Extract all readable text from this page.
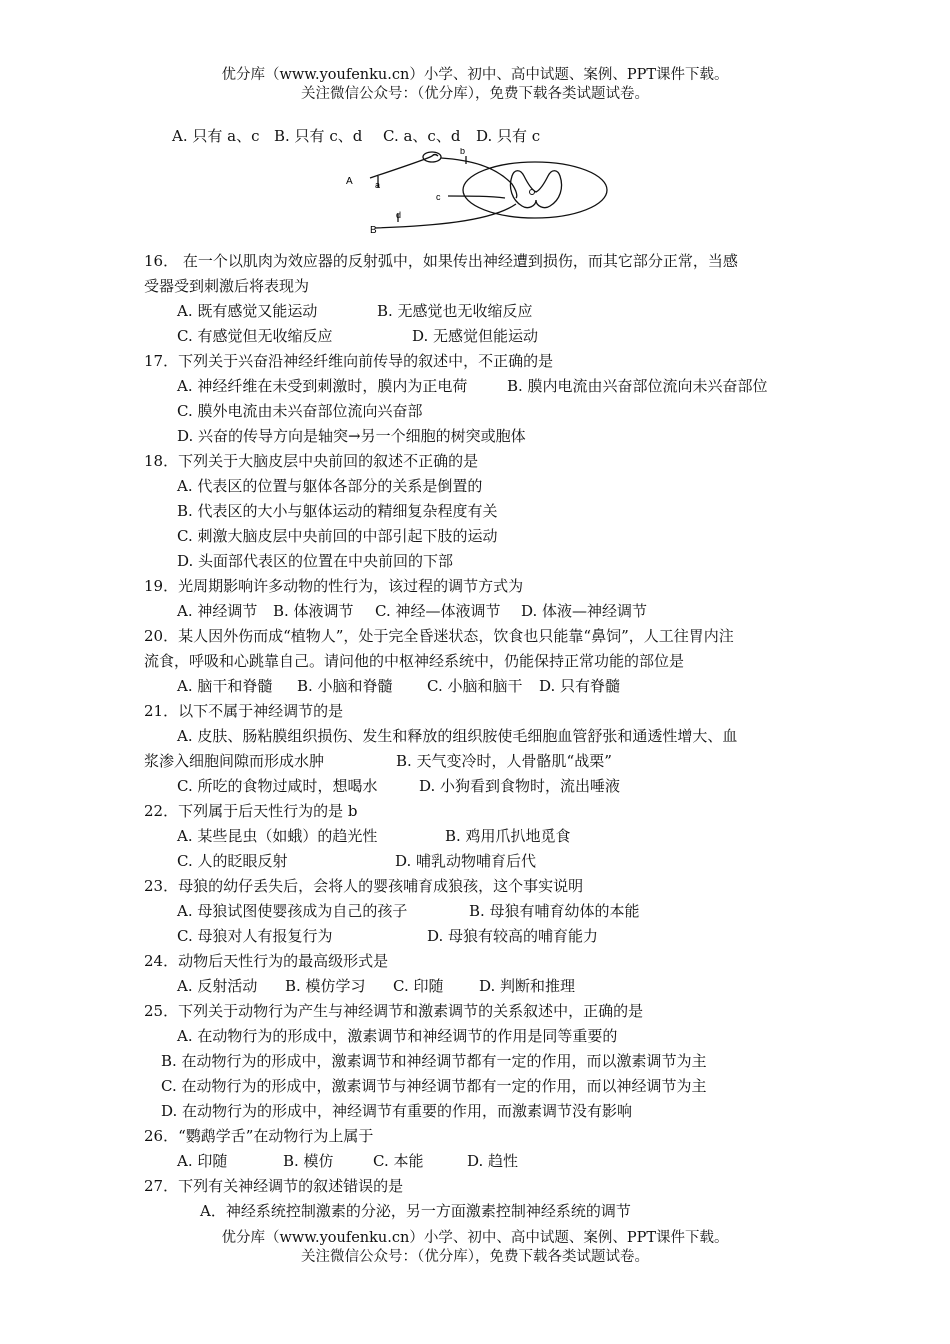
优分库（www.youfenku.cn）小学、初中、高中试题、案例、PPT课件下载。
关注微信公众号：（优分库），免费下载各类试题试卷。
A. 只有 a、c B. 只有 c、d C. a、c、d D. 只有 c
A
B
a
b
c
d
16． 在一个以肌肉为效应器的反射弧中，如果传出神经遭到损伤，而其它部分正常，当感
受器受到刺激后将表现为
A. 既有感觉又能运动	B. 无感觉也无收缩反应
C. 有感觉但无收缩反应	D. 无感觉但能运动
17．下列关于兴奋沿神经纤维向前传导的叙述中，不正确的是
A. 神经纤维在未受到刺激时，膜内为正电荷	B. 膜内电流由兴奋部位流向未兴奋部位
C. 膜外电流由未兴奋部位流向兴奋部
D. 兴奋的传导方向是轴突→另一个细胞的树突或胞体
18．下列关于大脑皮层中央前回的叙述不正确的是
A. 代表区的位置与躯体各部分的关系是倒置的
B. 代表区的大小与躯体运动的精细复杂程度有关
C. 刺激大脑皮层中央前回的中部引起下肢的运动
D. 头面部代表区的位置在中央前回的下部
19．光周期影响许多动物的性行为，该过程的调节方式为
A. 神经调节 B. 体液调节 C. 神经—体液调节 D. 体液—神经调节
20．某人因外伤而成“植物人”，处于完全昏迷状态，饮食也只能靠“鼻饲”，人工往胃内注
流食，呼吸和心跳靠自己。请问他的中枢神经系统中，仍能保持正常功能的部位是
A. 脑干和脊髓 B. 小脑和脊髓 C. 小脑和脑干 D. 只有脊髓
21．以下不属于神经调节的是
A. 皮肤、肠粘膜组织损伤、发生和释放的组织胺使毛细胞血管舒张和通透性增大、血
浆渗入细胞间隙而形成水肿	B. 天气变冷时，人骨骼肌“战栗”
C. 所吃的食物过咸时，想喝水	D. 小狗看到食物时，流出唾液
22．下列属于后天性行为的是 b
A. 某些昆虫（如蛾）的趋光性	B. 鸡用爪扒地觅食
C. 人的眨眼反射	D. 哺乳动物哺育后代
23．母狼的幼仔丢失后，会将人的婴孩哺育成狼孩，这个事实说明
A. 母狼试图使婴孩成为自己的孩子	B. 母狼有哺育幼体的本能
C. 母狼对人有报复行为	D. 母狼有较高的哺育能力
24．动物后天性行为的最高级形式是
A. 反射活动 B. 模仿学习 C. 印随 D. 判断和推理
25．下列关于动物行为产生与神经调节和激素调节的关系叙述中，正确的是
A. 在动物行为的形成中，激素调节和神经调节的作用是同等重要的
B. 在动物行为的形成中，激素调节和神经调节都有一定的作用，而以激素调节为主
C. 在动物行为的形成中，激素调节与神经调节都有一定的作用，而以神经调节为主
D. 在动物行为的形成中，神经调节有重要的作用，而激素调节没有影响
26．“鹦鹉学舌”在动物行为上属于
A. 印随	B. 模仿	C. 本能	D. 趋性
27．下列有关神经调节的叙述错误的是
A．神经系统控制激素的分泌，另一方面激素控制神经系统的调节
优分库（www.youfenku.cn）小学、初中、高中试题、案例、PPT课件下载。
关注微信公众号：（优分库），免费下载各类试题试卷。
